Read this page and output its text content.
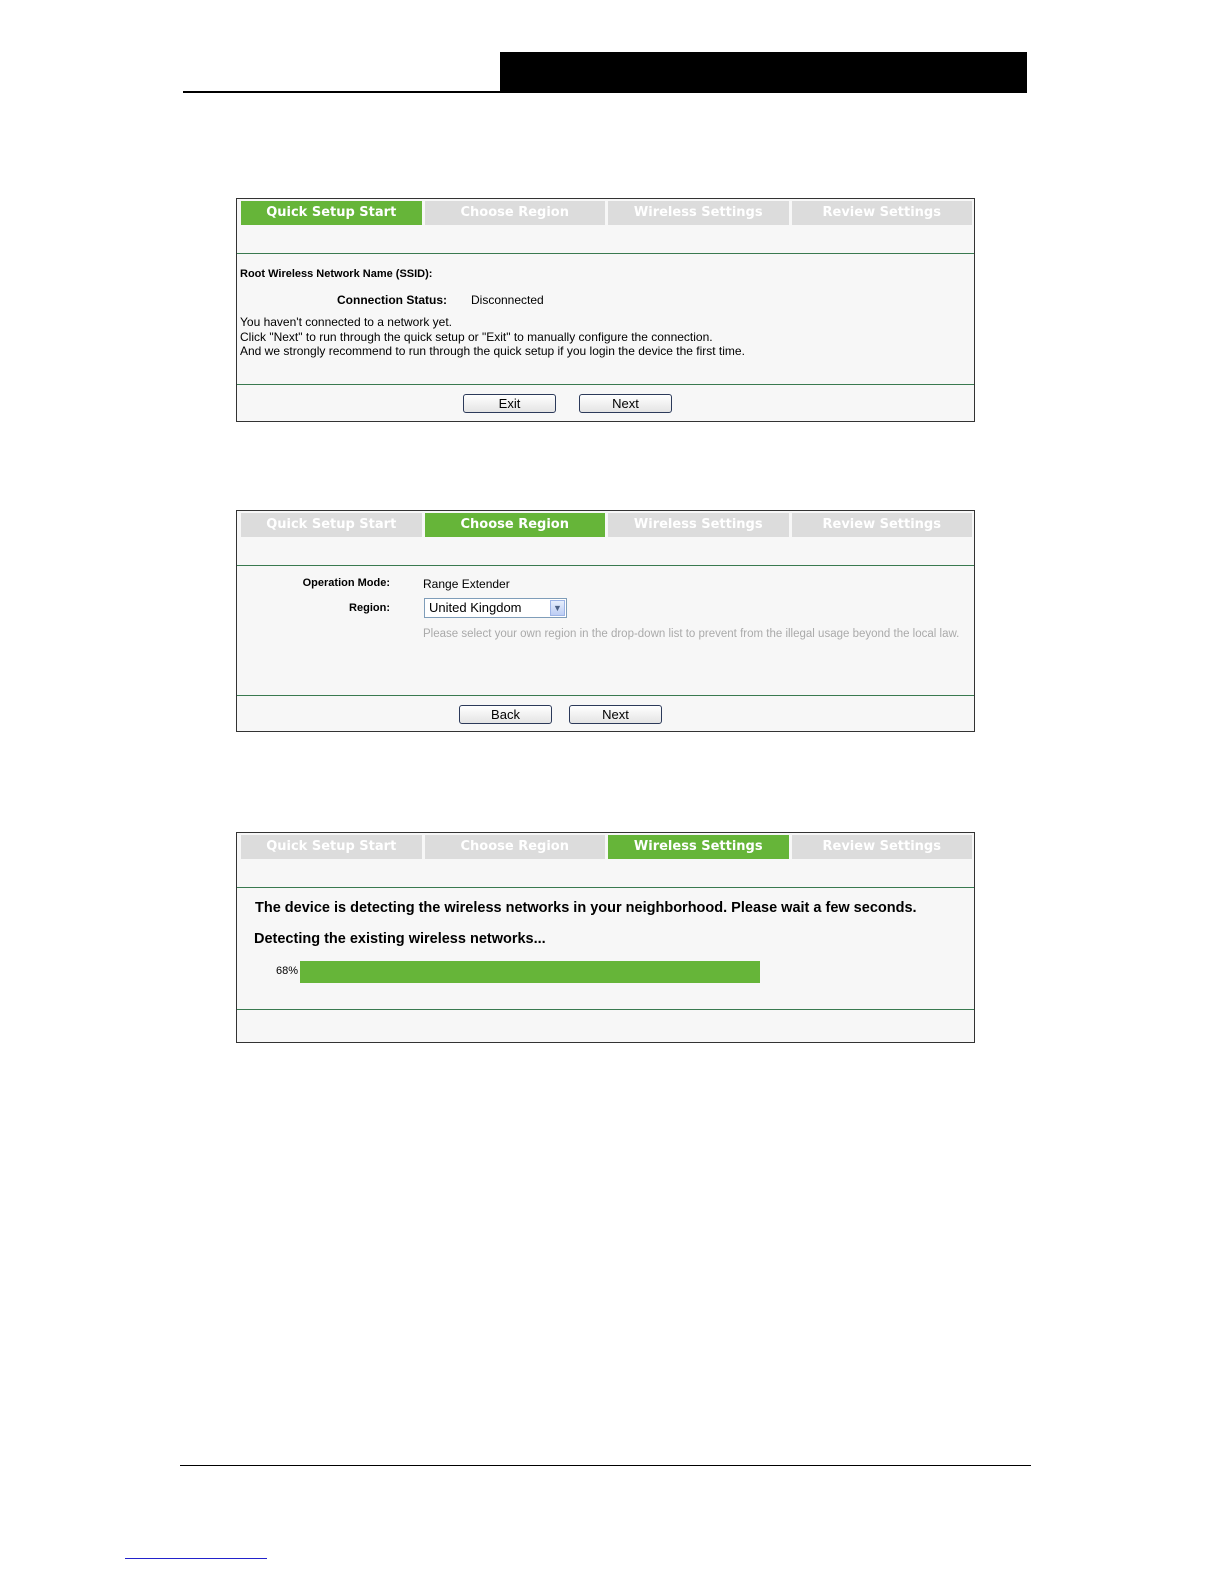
Quick Setup Start	Choose Region	Wireless Settings	Review Settings
Root Wireless Network Name (SSID):
Connection Status: Disconnected
You haven't connected to a network yet.
Click "Next" to run through the quick setup or "Exit" to manually configure the connection.
And we strongly recommend to run through the quick setup if you login the device the first time.
Exit	Next
Quick Setup Start	Choose Region	Wireless Settings	Review Settings
Operation Mode:	Range Extender
Region:	United Kingdom	▼
Please select your own region in the drop-down list to prevent from the illegal usage beyond the local law.
Back	Next
Quick Setup Start	Choose Region	Wireless Settings	Review Settings
The device is detecting the wireless networks in your neighborhood. Please wait a few seconds.
Detecting the existing wireless networks...
68%
